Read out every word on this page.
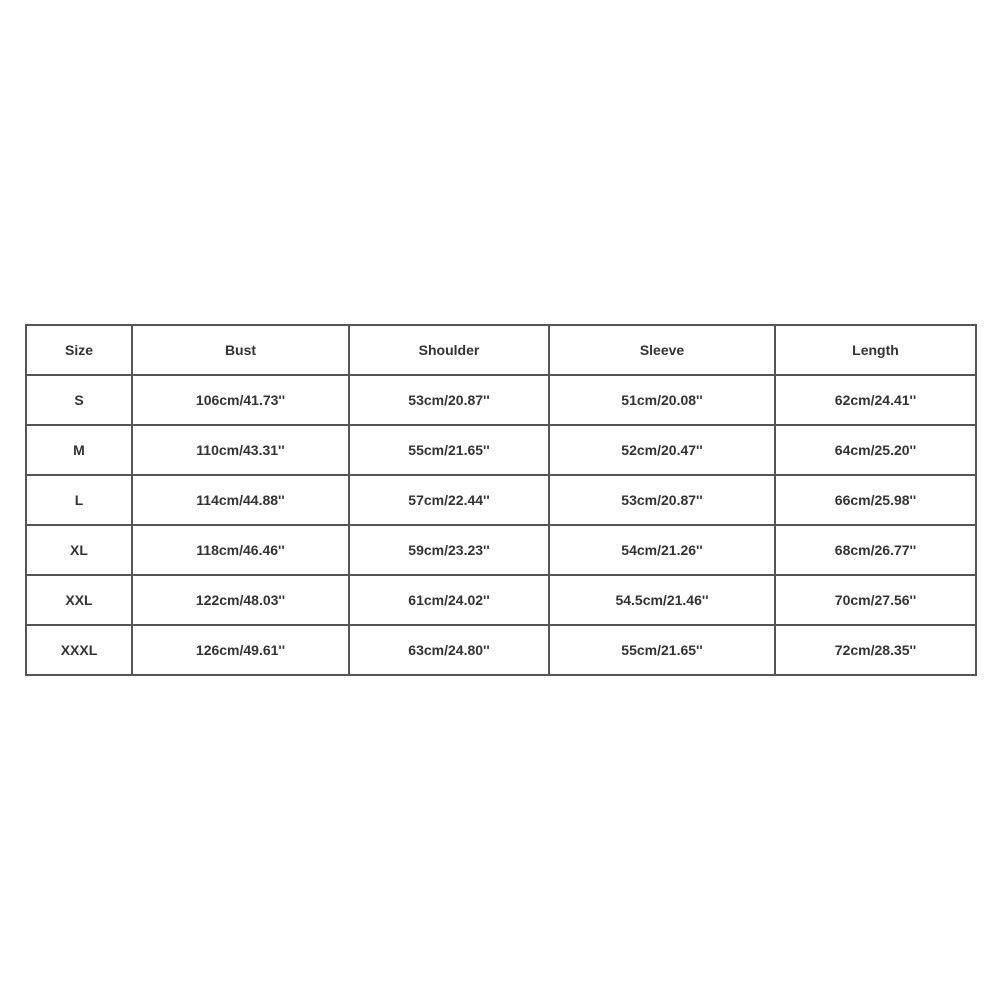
Size	Bust	Shoulder	Sleeve	Length
S	106cm/41.73''	53cm/20.87''	51cm/20.08''	62cm/24.41''
M	110cm/43.31''	55cm/21.65''	52cm/20.47''	64cm/25.20''
L	114cm/44.88''	57cm/22.44''	53cm/20.87''	66cm/25.98''
XL	118cm/46.46''	59cm/23.23''	54cm/21.26''	68cm/26.77''
XXL	122cm/48.03''	61cm/24.02''	54.5cm/21.46''	70cm/27.56''
XXXL	126cm/49.61''	63cm/24.80''	55cm/21.65''	72cm/28.35''
